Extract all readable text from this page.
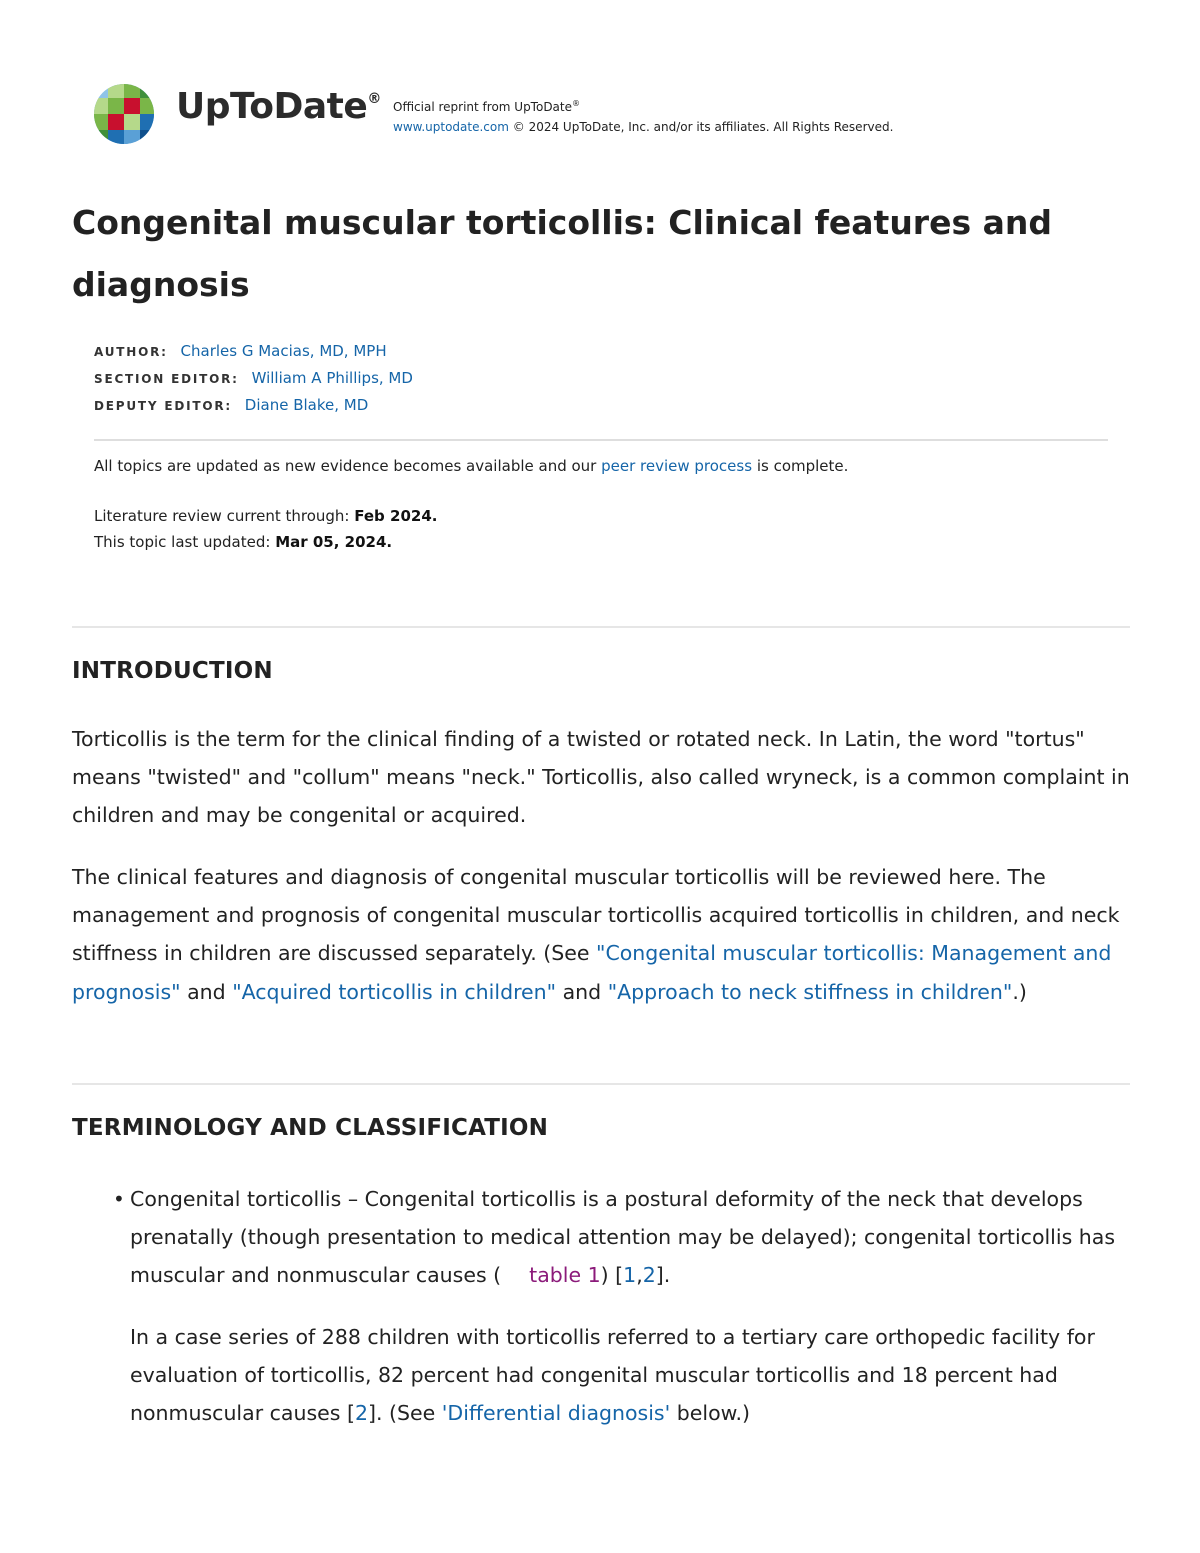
UpToDate® Official reprint from UpToDate®
www.uptodate.com © 2024 UpToDate, Inc. and/or its affiliates. All Rights Reserved.
Congenital muscular torticollis: Clinical features and diagnosis
AUTHOR: Charles G Macias, MD, MPH
SECTION EDITOR: William A Phillips, MD
DEPUTY EDITOR: Diane Blake, MD
All topics are updated as new evidence becomes available and our peer review process is complete.
Literature review current through: Feb 2024.
This topic last updated: Mar 05, 2024.
INTRODUCTION

Torticollis is the term for the clinical finding of a twisted or rotated neck. In Latin, the word "tortus" means "twisted" and "collum" means "neck." Torticollis, also called wryneck, is a common complaint in children and may be congenital or acquired.

The clinical features and diagnosis of congenital muscular torticollis will be reviewed here. The management and prognosis of congenital muscular torticollis acquired torticollis in children, and neck stiffness in children are discussed separately. (See "Congenital muscular torticollis: Management and prognosis" and "Acquired torticollis in children" and "Approach to neck stiffness in children".)

TERMINOLOGY AND CLASSIFICATION
• Congenital torticollis – Congenital torticollis is a postural deformity of the neck that develops prenatally (though presentation to medical attention may be delayed); congenital torticollis has muscular and nonmuscular causes ( table 1) [1,2].

In a case series of 288 children with torticollis referred to a tertiary care orthopedic facility for evaluation of torticollis, 82 percent had congenital muscular torticollis and 18 percent had nonmuscular causes [2]. (See 'Differential diagnosis' below.)
